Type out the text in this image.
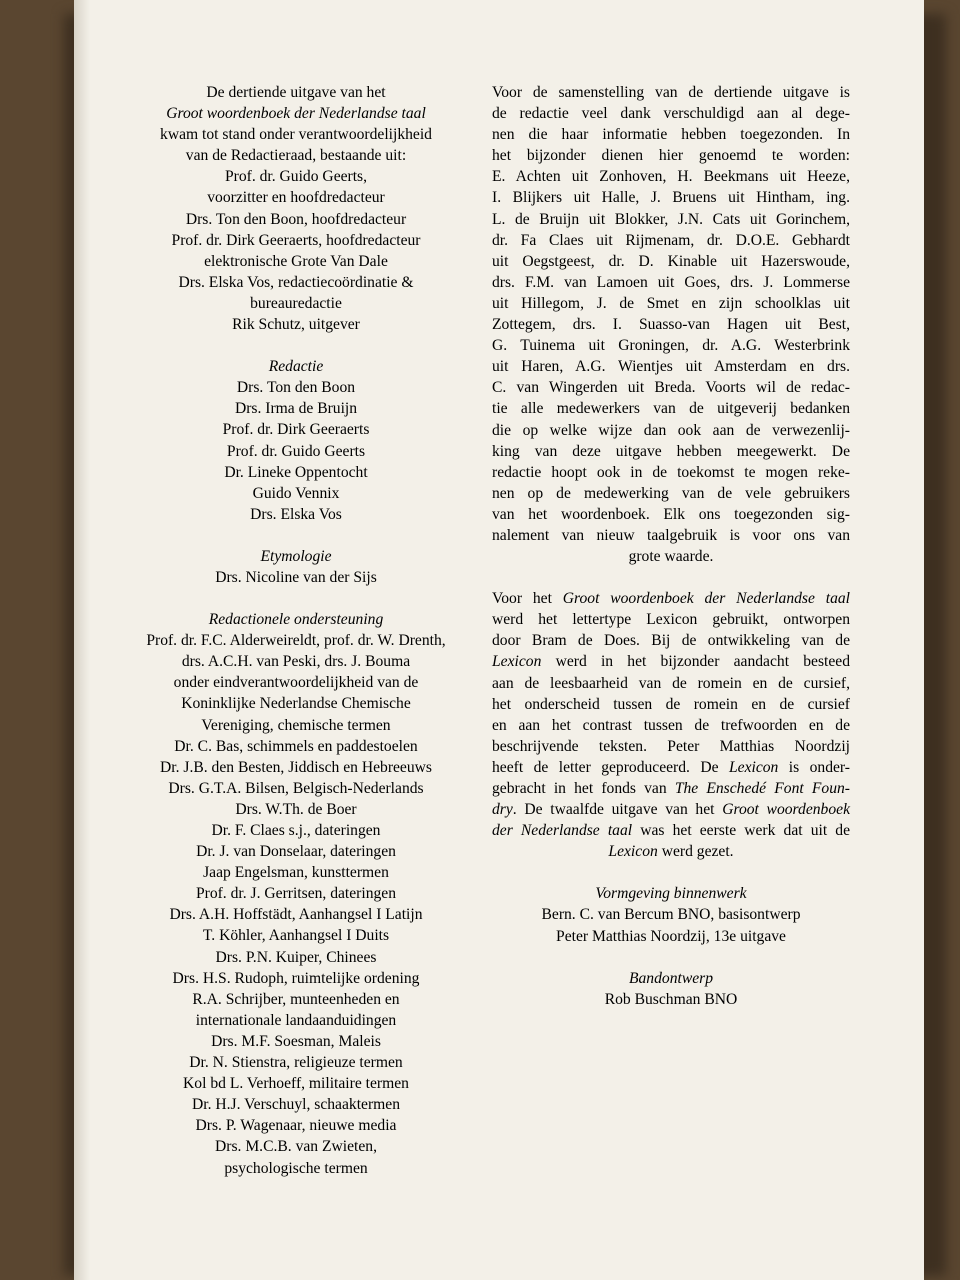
De dertiende uitgave van het
Groot woordenboek der Nederlandse taal
kwam tot stand onder verantwoordelijkheid
van de Redactieraad, bestaande uit:
Prof. dr. Guido Geerts,
voorzitter en hoofdredacteur
Drs. Ton den Boon, hoofdredacteur
Prof. dr. Dirk Geeraerts, hoofdredacteur
elektronische Grote Van Dale
Drs. Elska Vos, redactiecoördinatie &
bureauredactie
Rik Schutz, uitgever
Redactie
Drs. Ton den Boon
Drs. Irma de Bruijn
Prof. dr. Dirk Geeraerts
Prof. dr. Guido Geerts
Dr. Lineke Oppentocht
Guido Vennix
Drs. Elska Vos
Etymologie
Drs. Nicoline van der Sijs
Redactionele ondersteuning
Prof. dr. F.C. Alderweireldt, prof. dr. W. Drenth,
drs. A.C.H. van Peski, drs. J. Bouma
onder eindverantwoordelijkheid van de
Koninklijke Nederlandse Chemische
Vereniging, chemische termen
Dr. C. Bas, schimmels en paddestoelen
Dr. J.B. den Besten, Jiddisch en Hebreeuws
Drs. G.T.A. Bilsen, Belgisch-Nederlands
Drs. W.Th. de Boer
Dr. F. Claes s.j., dateringen
Dr. J. van Donselaar, dateringen
Jaap Engelsman, kunsttermen
Prof. dr. J. Gerritsen, dateringen
Drs. A.H. Hoffstädt, Aanhangsel I Latijn
T. Köhler, Aanhangsel I Duits
Drs. P.N. Kuiper, Chinees
Drs. H.S. Rudoph, ruimtelijke ordening
R.A. Schrijber, munteenheden en
internationale landaanduidingen
Drs. M.F. Soesman, Maleis
Dr. N. Stienstra, religieuze termen
Kol bd L. Verhoeff, militaire termen
Dr. H.J. Verschuyl, schaaktermen
Drs. P. Wagenaar, nieuwe media
Drs. M.C.B. van Zwieten,
psychologische termen
Voor de samenstelling van de dertiende uitgave is
de redactie veel dank verschuldigd aan al dege-
nen die haar informatie hebben toegezonden. In
het bijzonder dienen hier genoemd te worden:
E. Achten uit Zonhoven, H. Beekmans uit Heeze,
I. Blijkers uit Halle, J. Bruens uit Hintham, ing.
L. de Bruijn uit Blokker, J.N. Cats uit Gorinchem,
dr. Fa Claes uit Rijmenam, dr. D.O.E. Gebhardt
uit Oegstgeest, dr. D. Kinable uit Hazerswoude,
drs. F.M. van Lamoen uit Goes, drs. J. Lommerse
uit Hillegom, J. de Smet en zijn schoolklas uit
Zottegem, drs. I. Suasso-van Hagen uit Best,
G. Tuinema uit Groningen, dr. A.G. Westerbrink
uit Haren, A.G. Wientjes uit Amsterdam en drs.
C. van Wingerden uit Breda. Voorts wil de redac-
tie alle medewerkers van de uitgeverij bedanken
die op welke wijze dan ook aan de verwezenlij-
king van deze uitgave hebben meegewerkt. De
redactie hoopt ook in de toekomst te mogen reke-
nen op de medewerking van de vele gebruikers
van het woordenboek. Elk ons toegezonden sig-
nalement van nieuw taalgebruik is voor ons van
grote waarde.
Voor het Groot woordenboek der Nederlandse taal
werd het lettertype Lexicon gebruikt, ontworpen
door Bram de Does. Bij de ontwikkeling van de
Lexicon werd in het bijzonder aandacht besteed
aan de leesbaarheid van de romein en de cursief,
het onderscheid tussen de romein en de cursief
en aan het contrast tussen de trefwoorden en de
beschrijvende teksten. Peter Matthias Noordzij
heeft de letter geproduceerd. De Lexicon is onder-
gebracht in het fonds van The Enschedé Font Foun-
dry. De twaalfde uitgave van het Groot woordenboek
der Nederlandse taal was het eerste werk dat uit de
Lexicon werd gezet.
Vormgeving binnenwerk
Bern. C. van Bercum BNO, basisontwerp
Peter Matthias Noordzij, 13e uitgave
Bandontwerp
Rob Buschman BNO
